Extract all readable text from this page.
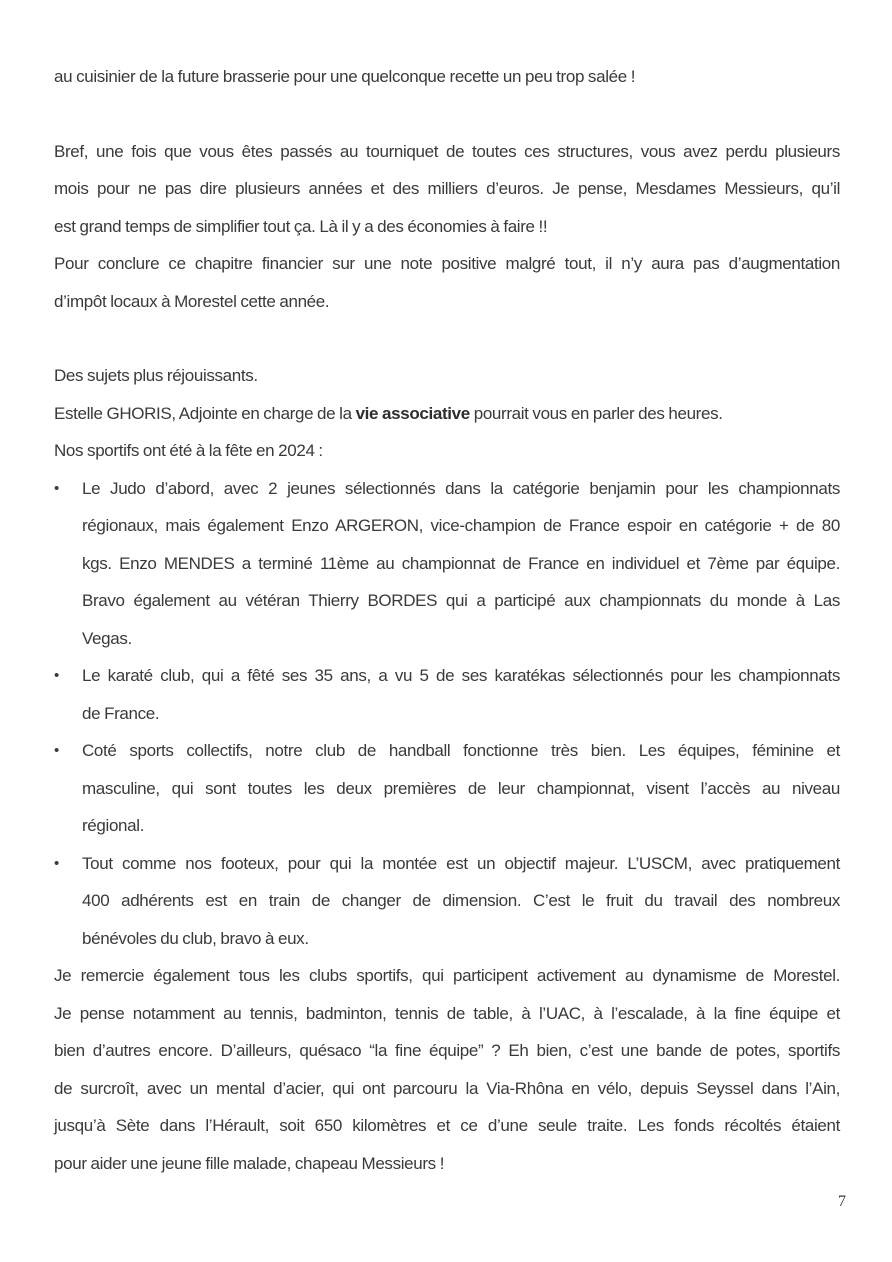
au cuisinier de la future brasserie pour une quelconque recette un peu trop salée !
Bref, une fois que vous êtes passés au tourniquet de toutes ces structures, vous avez perdu plusieurs
mois pour ne pas dire plusieurs années et des milliers d’euros. Je pense, Mesdames Messieurs, qu’il
est grand temps de simplifier tout ça. Là il y a des économies à faire !!
Pour conclure ce chapitre financier sur une note positive malgré tout, il n’y aura pas d’augmentation
d’impôt locaux à Morestel cette année.
Des sujets plus réjouissants.
Estelle GHORIS, Adjointe en charge de la vie associative pourrait vous en parler des heures.
Nos sportifs ont été à la fête en 2024 :
• Le Judo d’abord, avec 2 jeunes sélectionnés dans la catégorie benjamin pour les championnats
régionaux, mais également Enzo ARGERON, vice-champion de France espoir en catégorie + de 80
kgs. Enzo MENDES a terminé 11ème au championnat de France en individuel et 7ème par équipe.
Bravo également au vétéran Thierry BORDES qui a participé aux championnats du monde à Las
Vegas.
• Le karaté club, qui a fêté ses 35 ans, a vu 5 de ses karatékas sélectionnés pour les championnats
de France.
• Coté sports collectifs, notre club de handball fonctionne très bien. Les équipes, féminine et
masculine, qui sont toutes les deux premières de leur championnat, visent l’accès au niveau
régional.
• Tout comme nos footeux, pour qui la montée est un objectif majeur. L’USCM, avec pratiquement
400 adhérents est en train de changer de dimension. C’est le fruit du travail des nombreux
bénévoles du club, bravo à eux.
Je remercie également tous les clubs sportifs, qui participent activement au dynamisme de Morestel.
Je pense notamment au tennis, badminton, tennis de table, à l’UAC, à l’escalade, à la fine équipe et
bien d’autres encore. D’ailleurs, quésaco “la fine équipe” ? Eh bien, c’est une bande de potes, sportifs
de surcroît, avec un mental d’acier, qui ont parcouru la Via-Rhôna en vélo, depuis Seyssel dans l’Ain,
jusqu’à Sète dans l’Hérault, soit 650 kilomètres et ce d’une seule traite. Les fonds récoltés étaient
pour aider une jeune fille malade, chapeau Messieurs !
7
